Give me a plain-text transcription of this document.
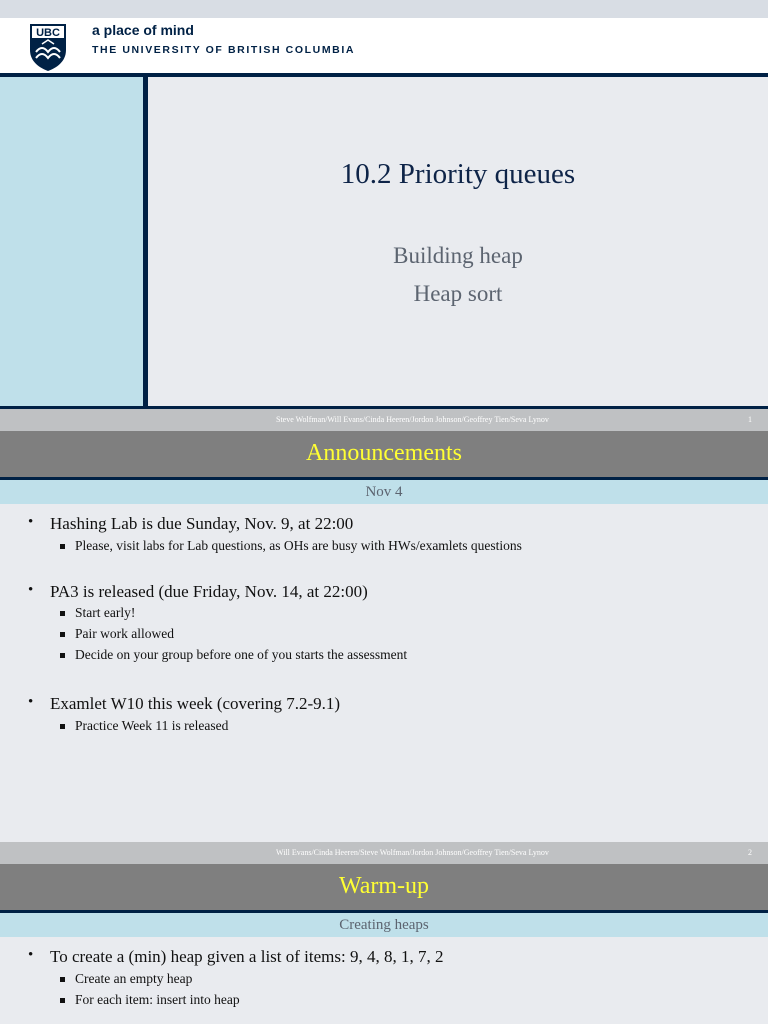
UBC a place of mind
THE UNIVERSITY OF BRITISH COLUMBIA
10.2 Priority queues
Building heap
Heap sort
Steve Wolfman/Will Evans/Cinda Heeren/Jordon Johnson/Geoffrey Tien/Seva Lynov	1
Announcements
Nov 4
• Hashing Lab is due Sunday, Nov. 9, at 22:00
Please, visit labs for Lab questions, as OHs are busy with HWs/examlets questions
• PA3 is released (due Friday, Nov. 14, at 22:00)
Start early!
Pair work allowed
Decide on your group before one of you starts the assessment
• Examlet W10 this week (covering 7.2-9.1)
Practice Week 11 is released
Will Evans/Cinda Heeren/Steve Wolfman/Jordon Johnson/Geoffrey Tien/Seva Lynov	2
Warm-up
Creating heaps
• To create a (min) heap given a list of items: 9, 4, 8, 1, 7, 2
Create an empty heap
For each item: insert into heap
